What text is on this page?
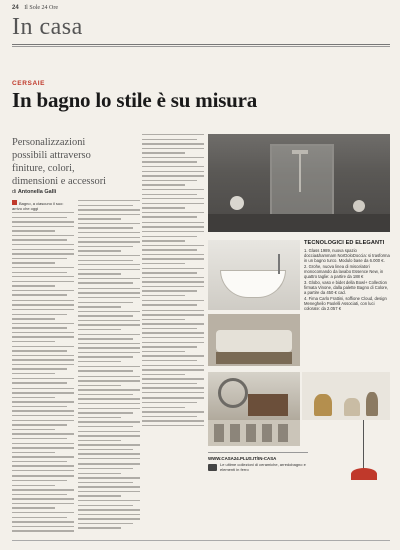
24 Il Sole 24 Ore
In casa
CERSAIE
In bagno lo stile è su misura
Personalizzazioni possibili attraverso finiture, colori, dimensioni e accessori
di Antonella Galli
Bagno, a ciascuno il suo: arrivo che oggi
TECNOLOGICI ED ELEGANTI
1. Glass 1989, nuova spazio doccia&hammam NorDoloDoccia: si trasforma in un bagno turco. Modulo base da 6.000 €.
2. Grohe, nuova linea di miscelatori monocomando da lavabo Essence New, in quattro taglie: a partire da 188 €
3. Globo, vaso e bidet della Bowl+ Collection firmata Vinone, dalla palette Bagno di Colore, a partire da 450 € cad.
4. Fima Carlo Frattini, soffione Cloud, design Menegheilo Paolelli Associati, con luci colorate: da 2.057 €
WWW.CASA24.PLUS.IT/IN-CASA
Le ultime collezioni di ceramiche, arredobagno e elementi in ferro
